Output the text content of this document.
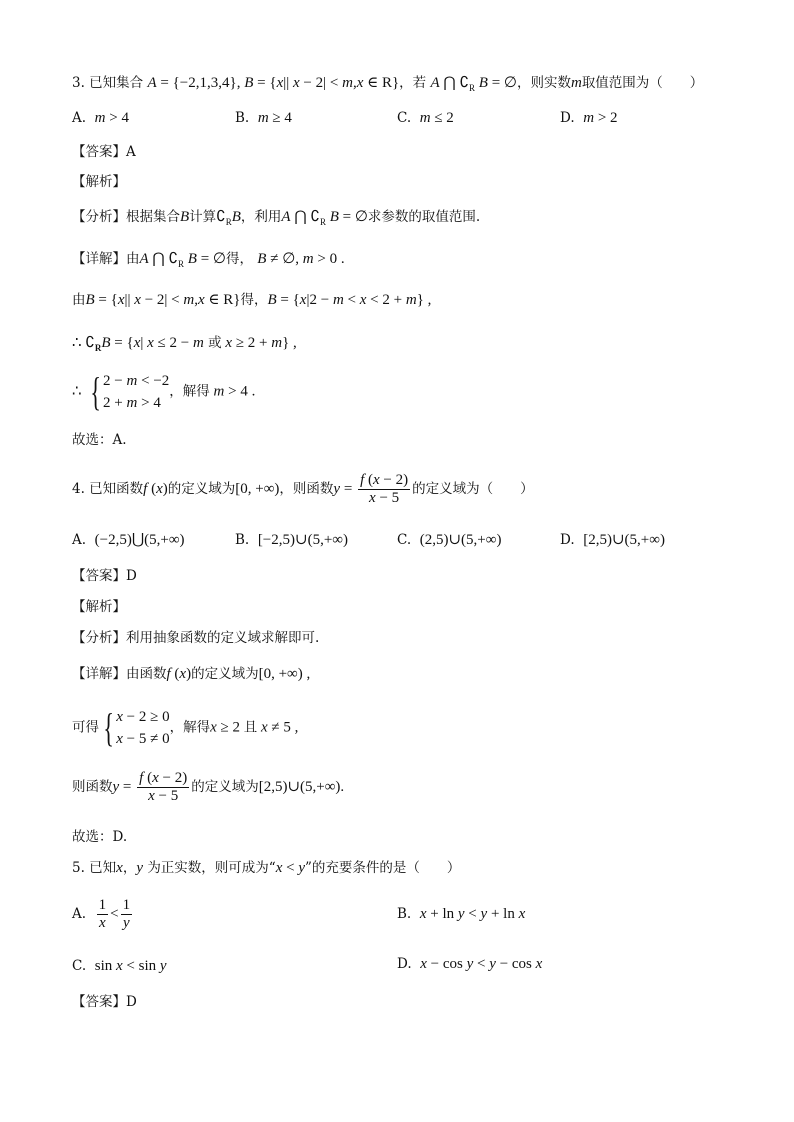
3. 已知集合 A = {−2,1,3,4}, B = {x|| x − 2| < m,x ∈ R}，若 A ⋂ $∁_R$ B = ∅，则实数m取值范围为（　　）
A. m > 4	B. m ≥ 4	C. m ≤ 2	D. m > 2
【答案】A
【解析】
【分析】根据集合B计算$∁_RB$，利用A ⋂ $∁_R$ B = ∅求参数的取值范围.
【详解】由A ⋂ $∁_R$ B = ∅得， B ≠ ∅, m > 0 .
由B = {x|| x − 2| < m,x ∈ R}得，B = {x|2 − m < x < 2 + m} ,
∴ $∁_RB = \{x|$ x ≤ 2 − m 或 x ≥ 2 + m} ,
∴ { 2 − m < −2
2 + m > 4
，解得 m > 4 .
故选：A.
4. 已知函数f (x)的定义域为[0, +∞)，则函数$y = \frac{f (x - 2)}{x - 5}$ 的定义域为（　　）
A. (−2,5)⋃(5,+∞)	B. [−2,5)∪(5,+∞)	C. (2,5)∪(5,+∞)	D. [2,5)∪(5,+∞)
【答案】D
【解析】
【分析】利用抽象函数的定义域求解即可.
【详解】由函数f (x)的定义域为[0, +∞) ,
可得 { x − 2 ≥ 0
x − 5 ≠ 0
，解得x ≥ 2 且 x ≠ 5 ,
则函数$y = \frac{f (x - 2)}{x - 5}$ 的定义域为[2,5)∪(5,+∞).
故选：D.
5. 已知x，y 为正实数，则可成为“x < y”的充要条件的是（　　）
A. $\frac{1}{x} < \frac{1}{y}$	B. x + ln y < y + ln x
C. sin x < sin y	D. x − cos y < y − cos x
【答案】D
